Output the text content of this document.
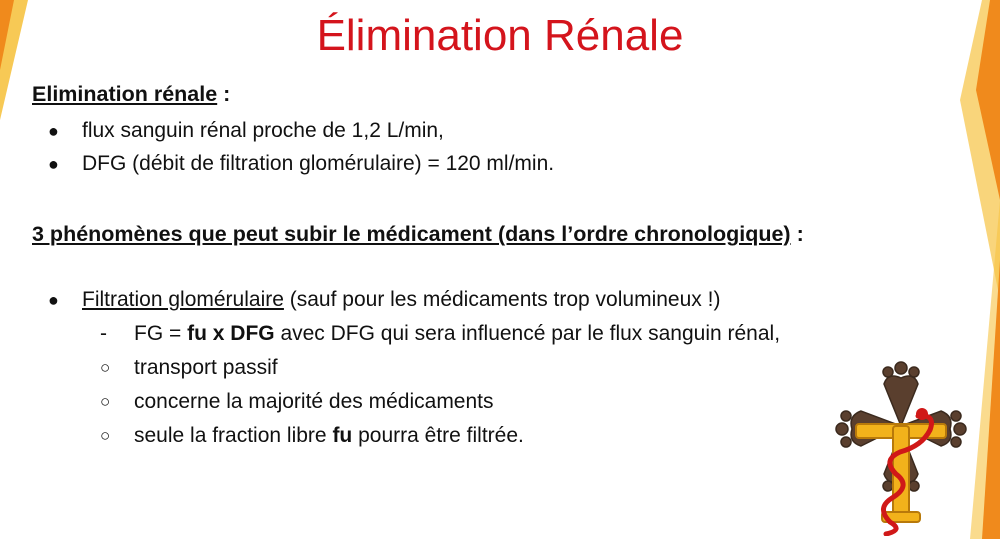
Élimination Rénale
Elimination rénale :
● flux sanguin rénal proche de 1,2 L/min,
● DFG (débit de filtration glomérulaire) = 120 ml/min.
3 phénomènes que peut subir le médicament (dans l’ordre chronologique) :
● Filtration glomérulaire (sauf pour les médicaments trop volumineux !)
- FG = fu x DFG avec DFG qui sera influencé par le flux sanguin rénal,
○ transport passif
○ concerne la majorité des médicaments
○ seule la fraction libre fu pourra être filtrée.
